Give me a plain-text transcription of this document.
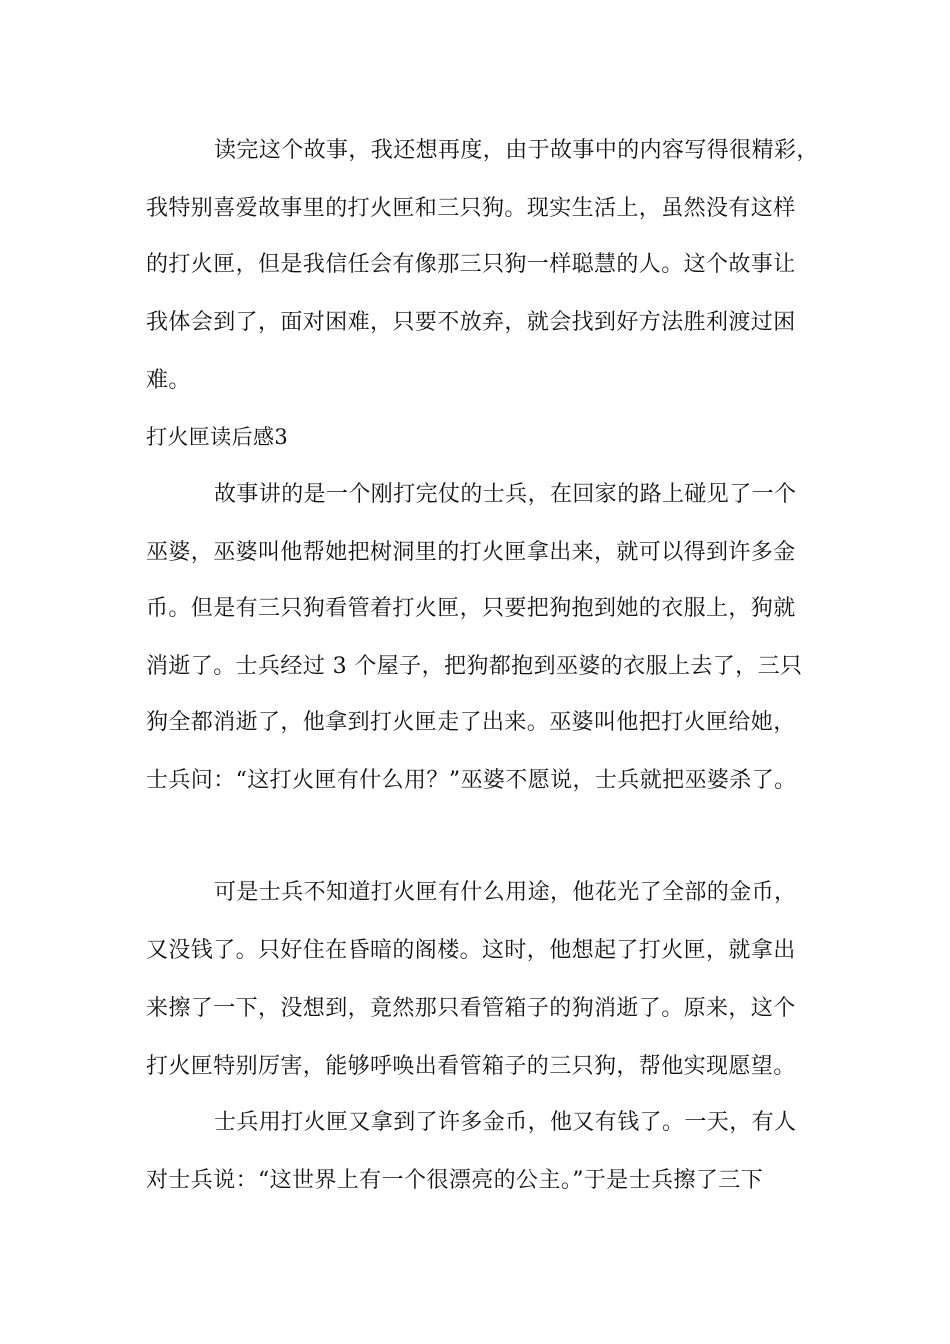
读完这个故事，我还想再度，由于故事中的内容写得很精彩，
我特别喜爱故事里的打火匣和三只狗。现实生活上，虽然没有这样
的打火匣，但是我信任会有像那三只狗一样聪慧的人。这个故事让
我体会到了，面对困难，只要不放弃，就会找到好方法胜利渡过困
难。
打火匣读后感3
故事讲的是一个刚打完仗的士兵，在回家的路上碰见了一个
巫婆，巫婆叫他帮她把树洞里的打火匣拿出来，就可以得到许多金
币。但是有三只狗看管着打火匣，只要把狗抱到她的衣服上，狗就
消逝了。士兵经过 3 个屋子，把狗都抱到巫婆的衣服上去了，三只
狗全都消逝了，他拿到打火匣走了出来。巫婆叫他把打火匣给她，
士兵问：“这打火匣有什么用？”巫婆不愿说，士兵就把巫婆杀了。
可是士兵不知道打火匣有什么用途，他花光了全部的金币，
又没钱了。只好住在昏暗的阁楼。这时，他想起了打火匣，就拿出
来擦了一下，没想到，竟然那只看管箱子的狗消逝了。原来，这个
打火匣特别厉害，能够呼唤出看管箱子的三只狗，帮他实现愿望。
士兵用打火匣又拿到了许多金币，他又有钱了。一天，有人
对士兵说：“这世界上有一个很漂亮的公主。”于是士兵擦了三下
